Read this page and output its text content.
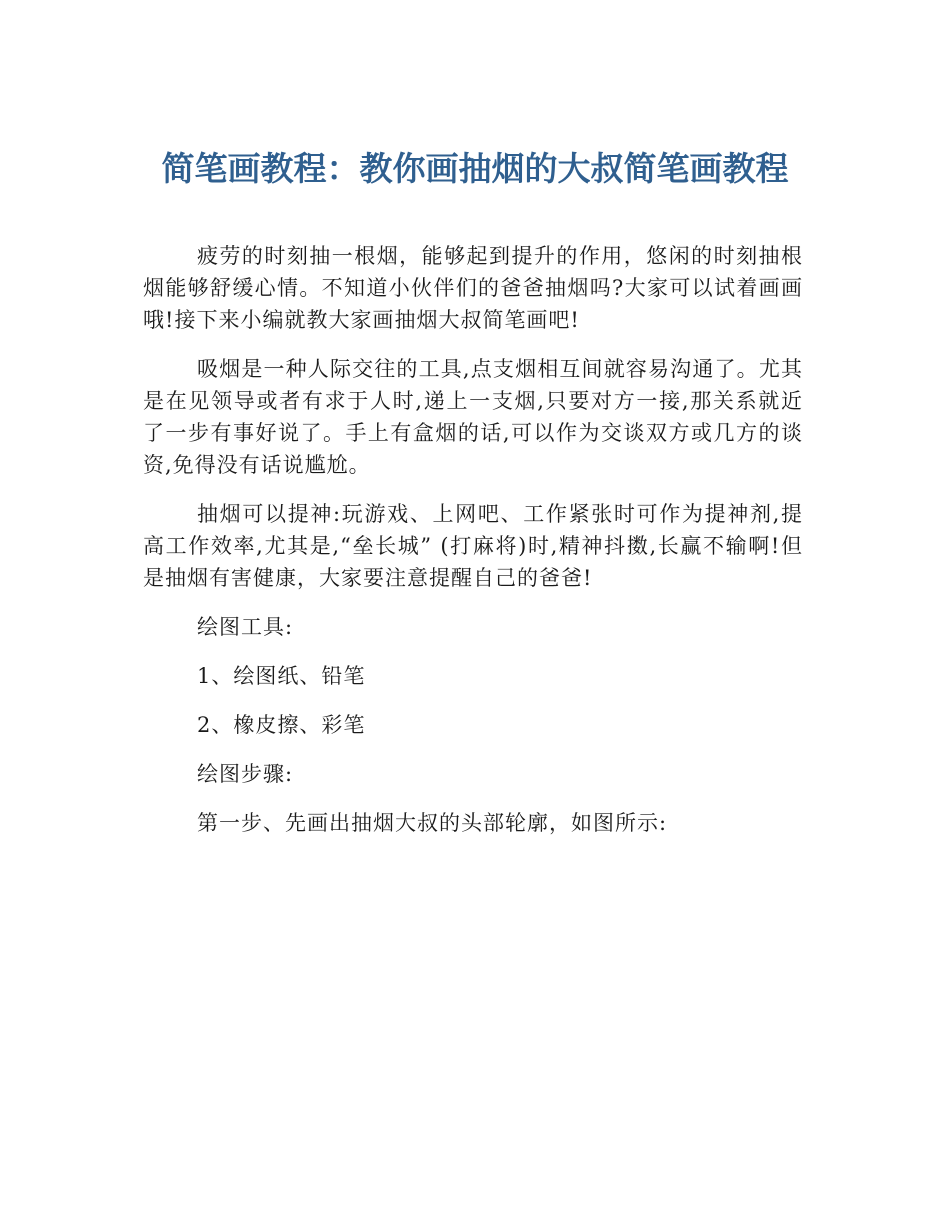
简笔画教程：教你画抽烟的大叔简笔画教程

疲劳的时刻抽一根烟，能够起到提升的作用，悠闲的时刻抽根烟能够舒缓心情。不知道小伙伴们的爸爸抽烟吗?大家可以试着画画哦!接下来小编就教大家画抽烟大叔简笔画吧!

吸烟是一种人际交往的工具,点支烟相互间就容易沟通了。尤其是在见领导或者有求于人时,递上一支烟,只要对方一接,那关系就近了一步有事好说了。手上有盒烟的话,可以作为交谈双方或几方的谈资,免得没有话说尴尬。

抽烟可以提神:玩游戏、上网吧、工作紧张时可作为提神剂,提高工作效率,尤其是,“垒长城” (打麻将)时,精神抖擞,长赢不输啊!但是抽烟有害健康，大家要注意提醒自己的爸爸!

绘图工具:

1、绘图纸、铅笔

2、橡皮擦、彩笔

绘图步骤:

第一步、先画出抽烟大叔的头部轮廓，如图所示:
